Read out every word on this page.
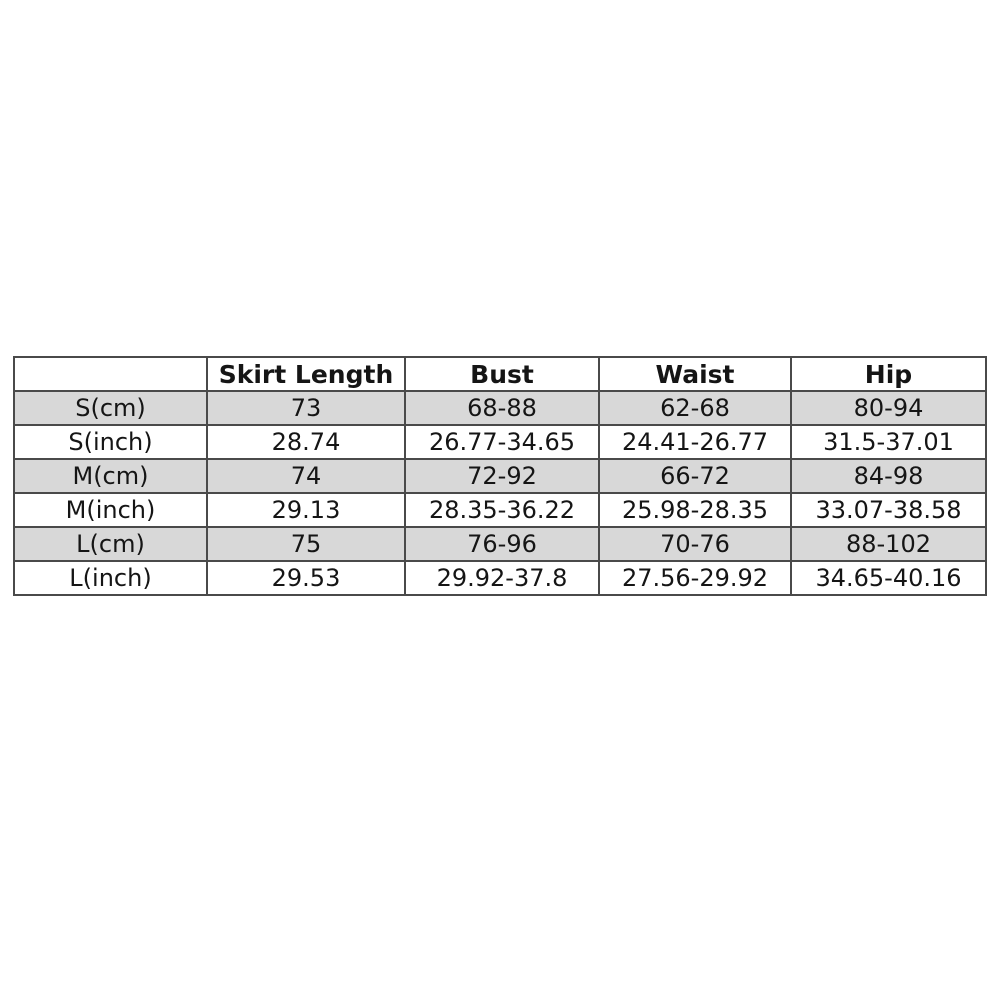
	Skirt Length	Bust	Waist	Hip
S(cm)	73	68-88	62-68	80-94
S(inch)	28.74	26.77-34.65	24.41-26.77	31.5-37.01
M(cm)	74	72-92	66-72	84-98
M(inch)	29.13	28.35-36.22	25.98-28.35	33.07-38.58
L(cm)	75	76-96	70-76	88-102
L(inch)	29.53	29.92-37.8	27.56-29.92	34.65-40.16
